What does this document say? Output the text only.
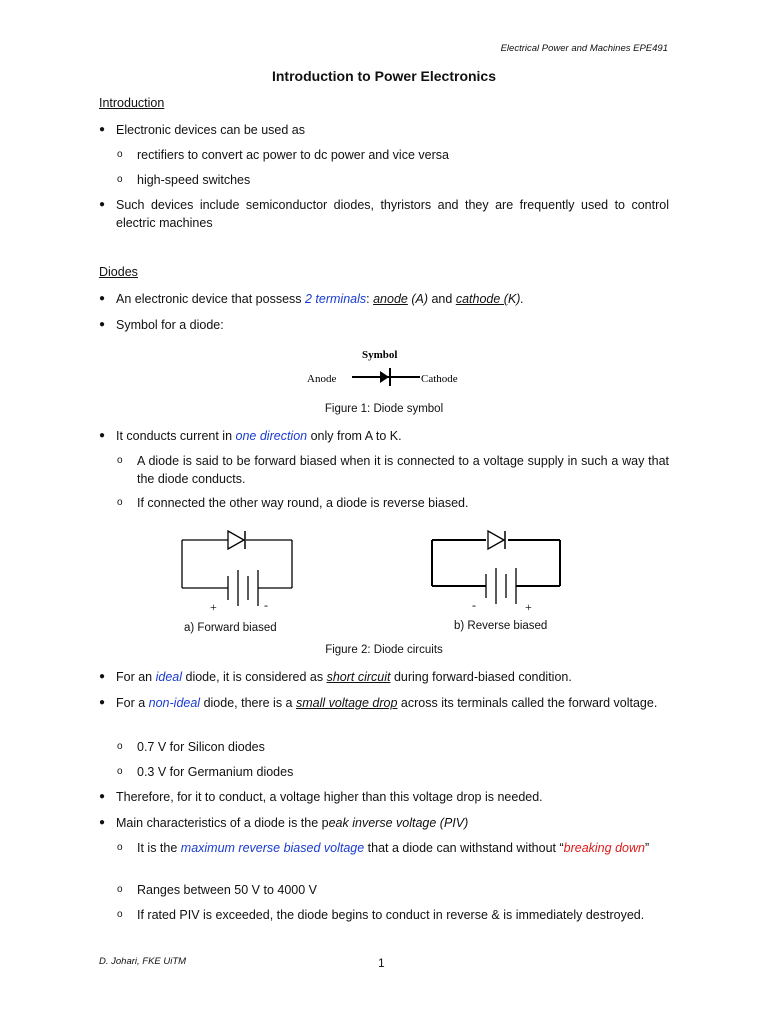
Electrical Power and Machines EPE491
Introduction to Power Electronics
Introduction
● Electronic devices can be used as
o rectifiers to convert ac power to dc power and vice versa
o high-speed switches
● Such devices include semiconductor diodes, thyristors and they are frequently used to control electric machines
Diodes
● An electronic device that possess 2 terminals: anode (A) and cathode (K).
● Symbol for a diode:
Symbol
Anode	Cathode
Figure 1: Diode symbol
● It conducts current in one direction only from A to K.
o A diode is said to be forward biased when it is connected to a voltage supply in such a way that the diode conducts.
o If connected the other way round, a diode is reverse biased.
+	-
a) Forward biased
-	+
b) Reverse biased
Figure 2: Diode circuits
● For an ideal diode, it is considered as short circuit during forward-biased condition.
● For a non-ideal diode, there is a small voltage drop across its terminals called the forward voltage.
o 0.7 V for Silicon diodes
o 0.3 V for Germanium diodes
● Therefore, for it to conduct, a voltage higher than this voltage drop is needed.
● Main characteristics of a diode is the peak inverse voltage (PIV)
o It is the maximum reverse biased voltage that a diode can withstand without “breaking down”
o Ranges between 50 V to 4000 V
o If rated PIV is exceeded, the diode begins to conduct in reverse & is immediately destroyed.
D. Johari, FKE UiTM	1
